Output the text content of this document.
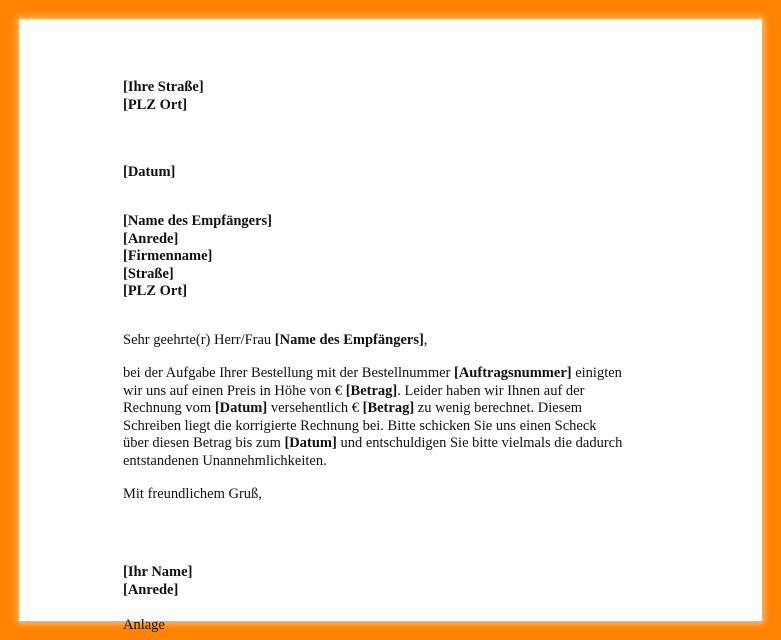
[Ihre Straße]
[PLZ Ort]
[Datum]
[Name des Empfängers]
[Anrede]
[Firmenname]
[Straße]
[PLZ Ort]
Sehr geehrte(r) Herr/Frau [Name des Empfängers],
bei der Aufgabe Ihrer Bestellung mit der Bestellnummer [Auftragsnummer] einigten
wir uns auf einen Preis in Höhe von € [Betrag]. Leider haben wir Ihnen auf der
Rechnung vom [Datum] versehentlich € [Betrag] zu wenig berechnet. Diesem
Schreiben liegt die korrigierte Rechnung bei. Bitte schicken Sie uns einen Scheck
über diesen Betrag bis zum [Datum] und entschuldigen Sie bitte vielmals die dadurch
entstandenen Unannehmlichkeiten.
Mit freundlichem Gruß,
[Ihr Name]
[Anrede]
Anlage
